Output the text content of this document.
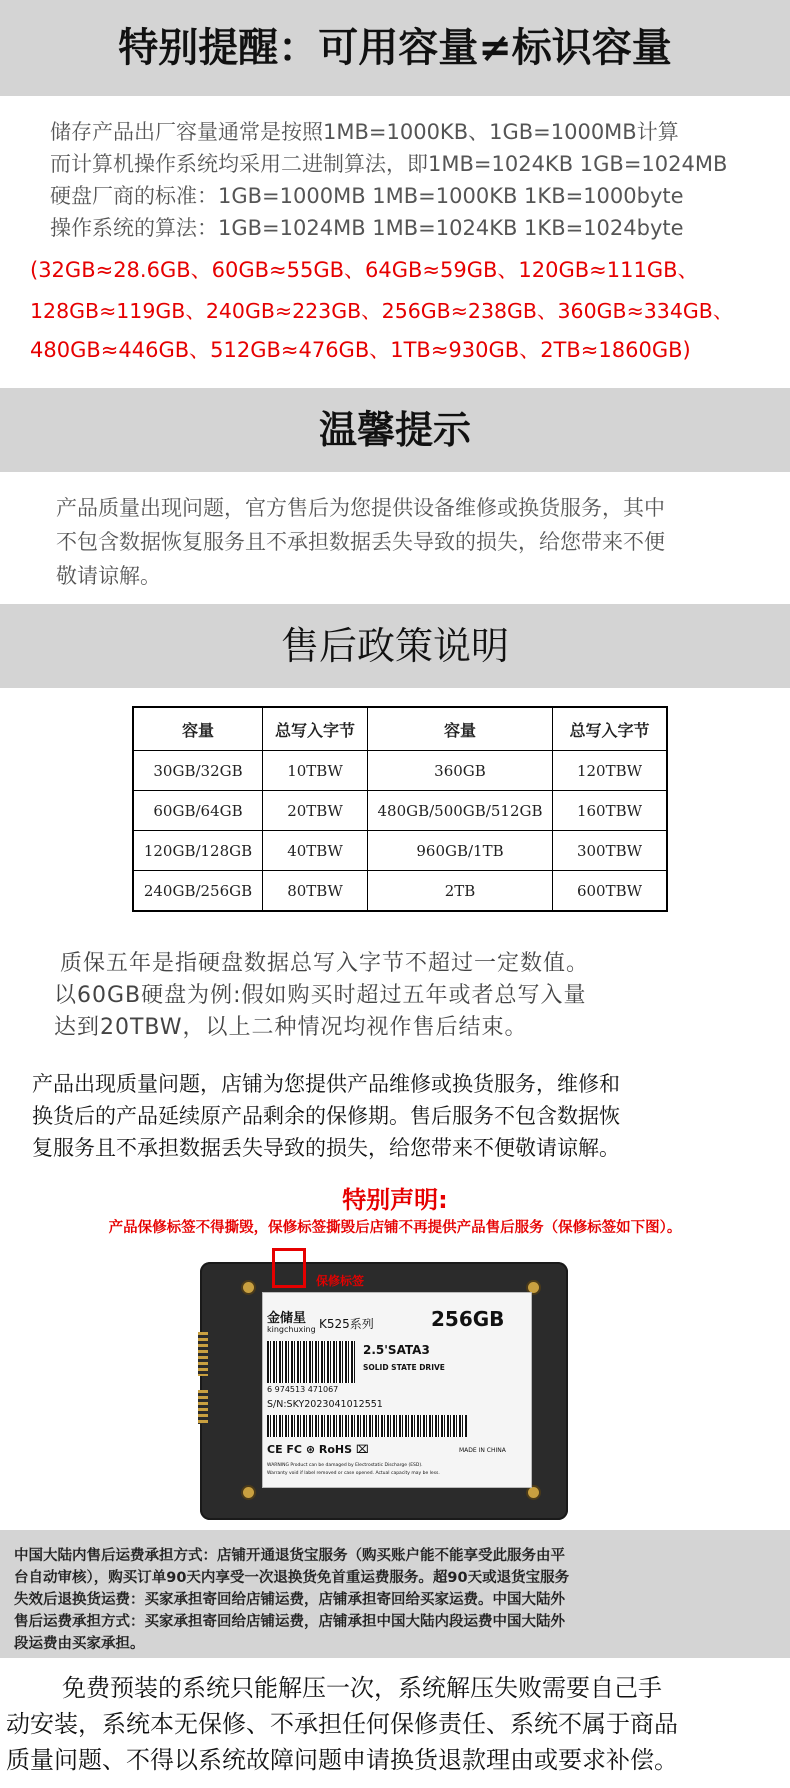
特别提醒：可用容量≠标识容量
储存产品出厂容量通常是按照1MB=1000KB、1GB=1000MB计算
而计算机操作系统均采用二进制算法，即1MB=1024KB 1GB=1024MB
硬盘厂商的标准：1GB=1000MB 1MB=1000KB 1KB=1000byte
操作系统的算法：1GB=1024MB 1MB=1024KB 1KB=1024byte
(32GB≈28.6GB、60GB≈55GB、64GB≈59GB、120GB≈111GB、
128GB≈119GB、240GB≈223GB、256GB≈238GB、360GB≈334GB、
480GB≈446GB、512GB≈476GB、1TB≈930GB、2TB≈1860GB)
温馨提示
产品质量出现问题，官方售后为您提供设备维修或换货服务，其中
不包含数据恢复服务且不承担数据丢失导致的损失，给您带来不便
敬请谅解。
售后政策说明
容量	总写入字节	容量	总写入字节
30GB/32GB	10TBW	360GB	120TBW
60GB/64GB	20TBW	480GB/500GB/512GB	160TBW
120GB/128GB	40TBW	960GB/1TB	300TBW
240GB/256GB	80TBW	2TB	600TBW
质保五年是指硬盘数据总写入字节不超过一定数值。
以60GB硬盘为例:假如购买时超过五年或者总写入量
达到20TBW，以上二种情况均视作售后结束。
产品出现质量问题，店铺为您提供产品维修或换货服务，维修和
换货后的产品延续原产品剩余的保修期。售后服务不包含数据恢
复服务且不承担数据丢失导致的损失，给您带来不便敬请谅解。
特别声明:
产品保修标签不得撕毁，保修标签撕毁后店铺不再提供产品售后服务（保修标签如下图）。
金储星
kingchuxing K525系列	256GB
2.5'SATA3
SOLID STATE DRIVE
6 974513 471067
S/N:SKY2023041012551
CE FC ⊛ RoHS ⌧	MADE IN CHINA
WARNING Product can be damaged by Electrostatic Discharge (ESD).
Warranty void if label removed or case opened. Actual capacity may be less.
保修标签
中国大陆内售后运费承担方式：店铺开通退货宝服务（购买账户能不能享受此服务由平
台自动审核），购买订单90天内享受一次退换货免首重运费服务。超90天或退货宝服务
失效后退换货运费：买家承担寄回给店铺运费，店铺承担寄回给买家运费。中国大陆外
售后运费承担方式：买家承担寄回给店铺运费，店铺承担中国大陆内段运费中国大陆外
段运费由买家承担。
免费预装的系统只能解压一次，系统解压失败需要自己手
动安装，系统本无保修、不承担任何保修责任、系统不属于商品
质量问题、不得以系统故障问题申请换货退款理由或要求补偿。
